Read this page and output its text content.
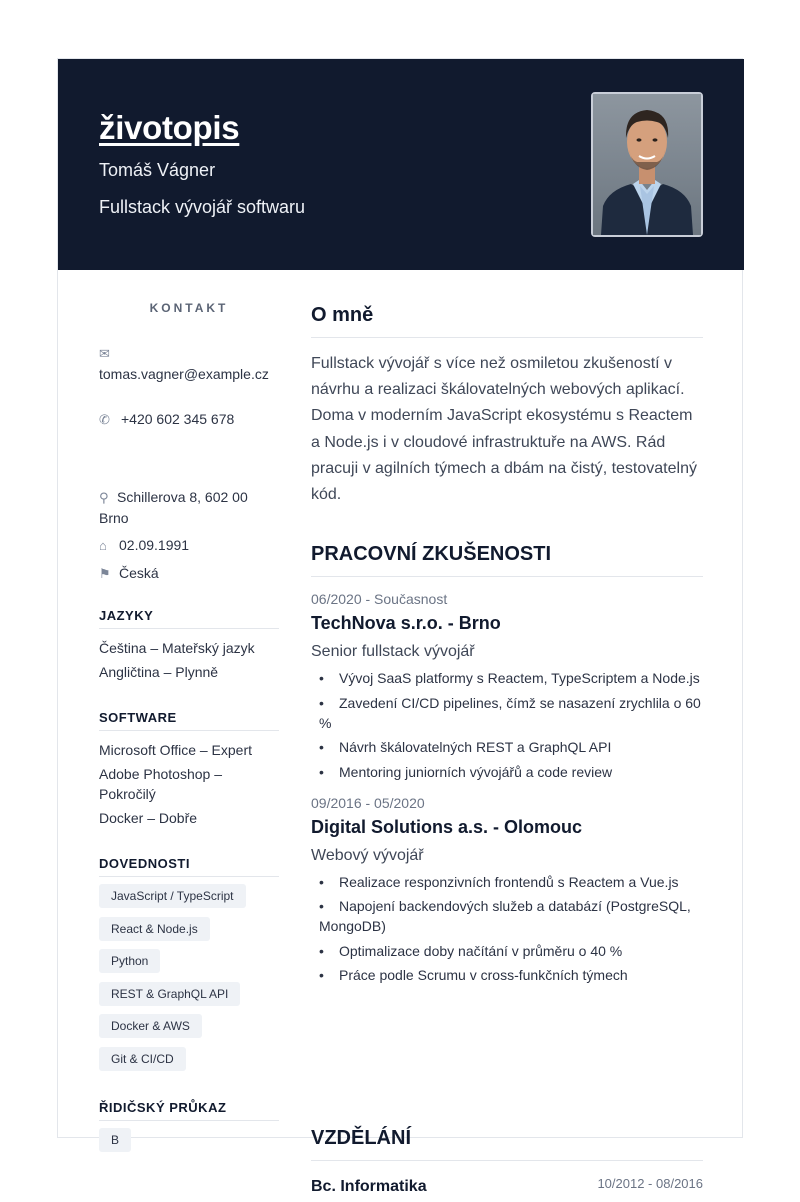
životopis
Tomáš Vágner
Fullstack vývojář softwaru
KONTAKT
✉
tomas.vagner@example.cz
✆ +420 602 345 678
⚲ Schillerova 8, 602 00 Brno
⌂ 02.09.1991
⚑ Česká
JAZYKY
Čeština – Mateřský jazyk
Angličtina – Plynně
SOFTWARE
Microsoft Office – Expert
Adobe Photoshop – Pokročilý
Docker – Dobře
DOVEDNOSTI
JavaScript / TypeScript
React & Node.js
Python
REST & GraphQL API
Docker & AWS
Git & CI/CD
ŘIDIČSKÝ PRŮKAZ
B
O mně
Fullstack vývojář s více než osmiletou zkušeností v návrhu a realizaci škálovatelných webových aplikací. Doma v moderním JavaScript ekosystému s Reactem a Node.js i v cloudové infrastruktuře na AWS. Rád pracuji v agilních týmech a dbám na čistý, testovatelný kód.
PRACOVNÍ ZKUŠENOSTI
06/2020 - Současnost
TechNova s.r.o. - Brno
Senior fullstack vývojář
• Vývoj SaaS platformy s Reactem, TypeScriptem a Node.js
• Zavedení CI/CD pipelines, čímž se nasazení zrychlila o 60 %
• Návrh škálovatelných REST a GraphQL API
• Mentoring juniorních vývojářů a code review
09/2016 - 05/2020
Digital Solutions a.s. - Olomouc
Webový vývojář
• Realizace responzivních frontendů s Reactem a Vue.js
• Napojení backendových služeb a databází (PostgreSQL, MongoDB)
• Optimalizace doby načítání v průměru o 40 %
• Práce podle Scrumu v cross-funkčních týmech
VZDĚLÁNÍ
Bc. Informatika	10/2012 - 08/2016
